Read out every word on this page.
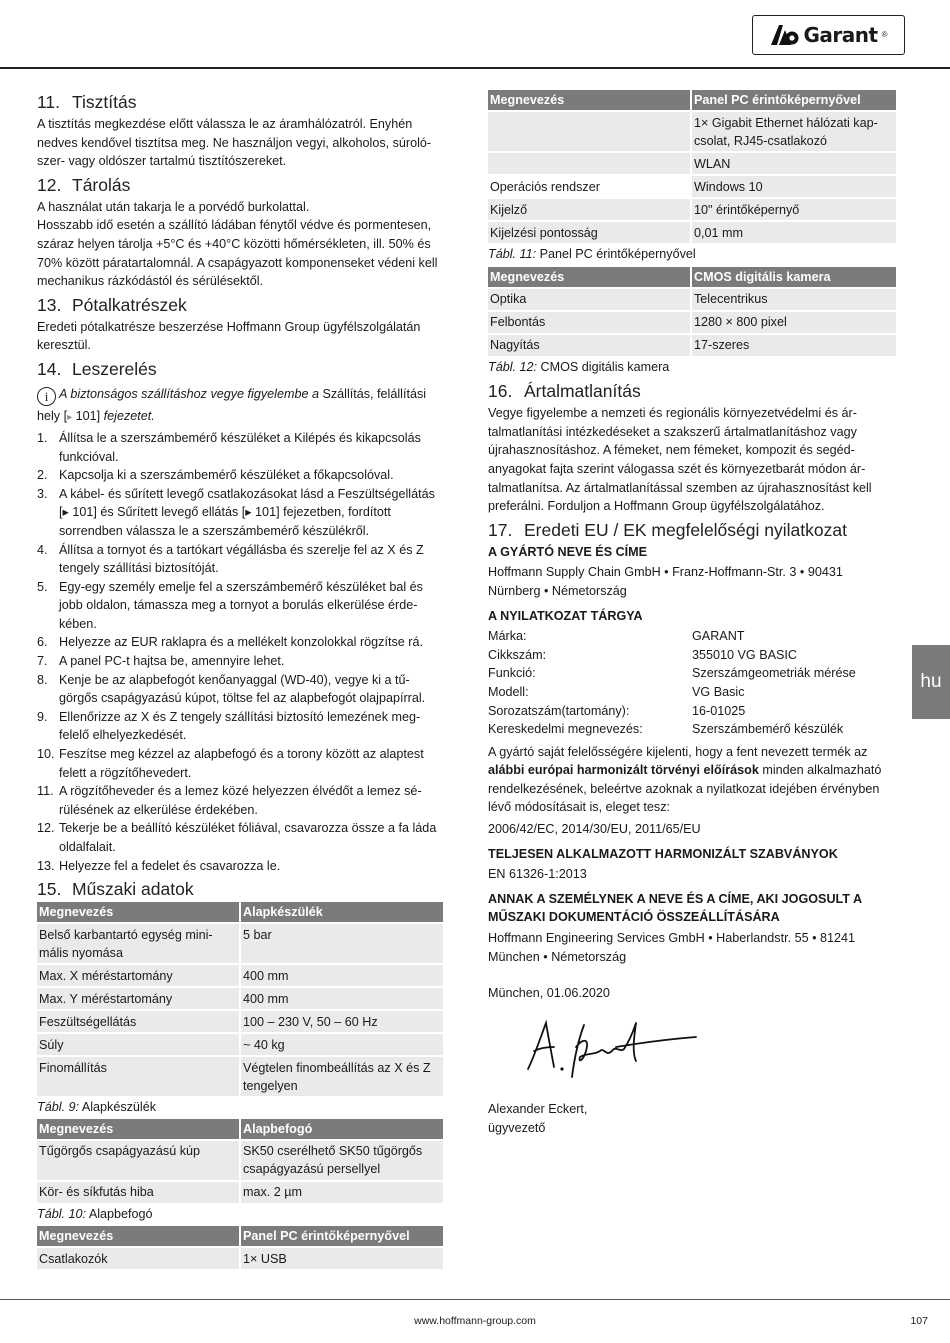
Garant ®
11. Tisztítás

A tisztítás megkezdése előtt válassza le az áramhálózatról. Enyhén nedves kendővel tisztítsa meg. Ne használjon vegyi, alkoholos, súrolószer- vagy oldószer tartalmú tisztítószereket.

12. Tárolás

A használat után takarja le a porvédő burkolattal.

Hosszabb idő esetén a szállító ládában fénytől védve és pormentesen, száraz helyen tárolja +5°C és +40°C közötti hőmérsékleten, ill. 50% és 70% között páratartalomnál. A csapágyazott komponenseket védeni kell mechanikus rázkódástól és sérülésektől.

13. Pótalkatrészek

Eredeti pótalkatrésze beszerzése Hoffmann Group ügyfélszolgálatán keresztül.

14. Leszerelés

i A biztonságos szállításhoz vegye figyelembe a Szállítás, felállítási hely [▸ 101] fejezetet.

1. Állítsa le a szerszámbemérő készüléket a Kilépés és kikapcsolás funkcióval.
2. Kapcsolja ki a szerszámbemérő készüléket a főkapcsolóval.
3. A kábel- és sűrített levegő csatlakozásokat lásd a Feszültségellátás [▸ 101] és Sűrített levegő ellátás [▸ 101] fejezetben, fordított sorrendben válassza le a szerszámbemérő készülékről.
4. Állítsa a tornyot és a tartókart végállásba és szerelje fel az X és Z tengely szállítási biztosítóját.
5. Egy-egy személy emelje fel a szerszámbemérő készüléket bal és jobb oldalon, támassza meg a tornyot a borulás elkerülése érdekében.
6. Helyezze az EUR raklapra és a mellékelt konzolokkal rögzítse rá.
7. A panel PC-t hajtsa be, amennyire lehet.
8. Kenje be az alapbefogót kenőanyaggal (WD-40), vegye ki a tűgörgős csapágyazású kúpot, töltse fel az alapbefogót olajpapírral.
9. Ellenőrizze az X és Z tengely szállítási biztosító lemezének megfelelő elhelyezkedését.
10. Feszítse meg kézzel az alapbefogó és a torony között az alaptest felett a rögzítőhevedert.
11. A rögzítőheveder és a lemez közé helyezzen élvédőt a lemez sérülésének az elkerülése érdekében.
12. Tekerje be a beállító készüléket fóliával, csavarozza össze a fa láda oldalfalait.
13. Helyezze fel a fedelet és csavarozza le.
15. Műszaki adatok
Megnevezés	Alapkészülék
Belső karbantartó egység minimális nyomása	5 bar
Max. X méréstartomány	400 mm
Max. Y méréstartomány	400 mm
Feszültségellátás	100 – 230 V, 50 – 60 Hz
Súly	~ 40 kg
Finomállítás	Végtelen finombeállítás az X és Z tengelyen

Tábl. 9: Alapkészülék

Megnevezés	Alapbefogó
Tűgörgős csapágyazású kúp	SK50 cserélhető SK50 tűgörgős csapágyazású persellyel
Kör- és síkfutás hiba	max. 2 µm

Tábl. 10: Alapbefogó

Megnevezés	Panel PC érintőképernyővel
Csatlakozók	1× USB
Megnevezés	Panel PC érintőképernyővel
	1× Gigabit Ethernet hálózati kapcsolat, RJ45-csatlakozó
	WLAN
Operációs rendszer	Windows 10
Kijelző	10" érintőképernyő
Kijelzési pontosság	0,01 mm

Tábl. 11: Panel PC érintőképernyővel

Megnevezés	CMOS digitális kamera
Optika	Telecentrikus
Felbontás	1280 × 800 pixel
Nagyítás	17-szeres

Tábl. 12: CMOS digitális kamera

16. Ártalmatlanítás

Vegye figyelembe a nemzeti és regionális környezetvédelmi és ártalmatlanítási intézkedéseket a szakszerű ártalmatlanításhoz vagy újrahasznosításhoz. A fémeket, nem fémeket, kompozit és segédanyagokat fajta szerint válogassa szét és környezetbarát módon ártalmatlanítsa. Az ártalmatlanítással szemben az újrahasznosítást kell preferálni. Forduljon a Hoffmann Group ügyfélszolgálatához.

17. Eredeti EU / EK megfelelőségi nyilatkozat

A GYÁRTÓ NEVE ÉS CÍME

Hoffmann Supply Chain GmbH • Franz-Hoffmann-Str. 3 • 90431 Nürnberg • Németország

A NYILATKOZAT TÁRGYA

Márka:	GARANT
Cikkszám:	355010 VG BASIC
Funkció:	Szerszámgeometriák mérése
Modell:	VG Basic
Sorozatszám(tartomány):	16-01025
Kereskedelmi megnevezés:	Szerszámbemérő készülék

A gyártó saját felelősségére kijelenti, hogy a fent nevezett termék az alábbi európai harmonizált törvényi előírások minden alkalmazható rendelkezésének, beleértve azoknak a nyilatkozat idejében érvényben lévő módosításait is, eleget tesz:

2006/42/EC, 2014/30/EU, 2011/65/EU

TELJESEN ALKALMAZOTT HARMONIZÁLT SZABVÁNYOK

EN 61326-1:2013

ANNAK A SZEMÉLYNEK A NEVE ÉS A CÍME, AKI JOGOSULT A MŰSZAKI DOKUMENTÁCIÓ ÖSSZEÁLLÍTÁSÁRA

Hoffmann Engineering Services GmbH • Haberlandstr. 55 • 81241 München • Németország

München, 01.06.2020

Alexander Eckert,

ügyvezető

hu
www.hoffmann-group.com	107
